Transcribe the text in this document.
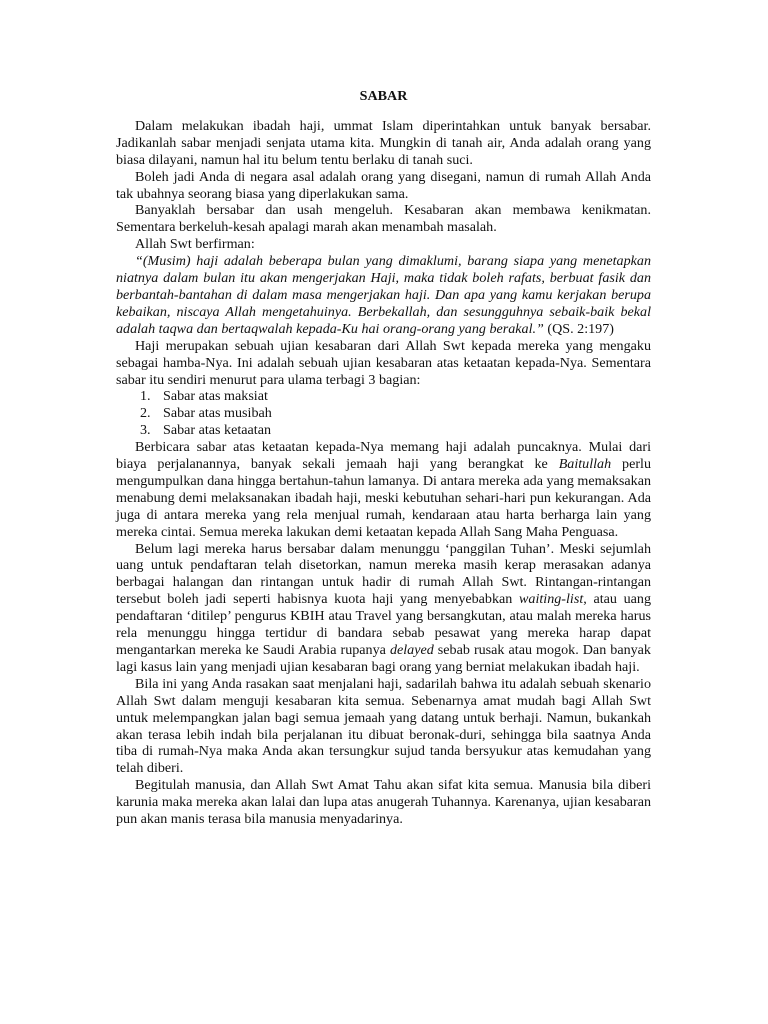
SABAR

Dalam melakukan ibadah haji, ummat Islam diperintahkan untuk banyak bersabar. Jadikanlah sabar menjadi senjata utama kita. Mungkin di tanah air, Anda adalah orang yang biasa dilayani, namun hal itu belum tentu berlaku di tanah suci.

Boleh jadi Anda di negara asal adalah orang yang disegani, namun di rumah Allah Anda tak ubahnya seorang biasa yang diperlakukan sama.

Banyaklah bersabar dan usah mengeluh. Kesabaran akan membawa kenikmatan. Sementara berkeluh-kesah apalagi marah akan menambah masalah.

Allah Swt berfirman:

“(Musim) haji adalah beberapa bulan yang dimaklumi, barang siapa yang menetapkan niatnya dalam bulan itu akan mengerjakan Haji, maka tidak boleh rafats, berbuat fasik dan berbantah-bantahan di dalam masa mengerjakan haji. Dan apa yang kamu kerjakan berupa kebaikan, niscaya Allah mengetahuinya. Berbekallah, dan sesungguhnya sebaik-baik bekal adalah taqwa dan bertaqwalah kepada-Ku hai orang-orang yang berakal.” (QS. 2:197)

Haji merupakan sebuah ujian kesabaran dari Allah Swt kepada mereka yang mengaku sebagai hamba-Nya. Ini adalah sebuah ujian kesabaran atas ketaatan kepada-Nya. Sementara sabar itu sendiri menurut para ulama terbagi 3 bagian:

1. Sabar atas maksiat
2. Sabar atas musibah
3. Sabar atas ketaatan

Berbicara sabar atas ketaatan kepada-Nya memang haji adalah puncaknya. Mulai dari biaya perjalanannya, banyak sekali jemaah haji yang berangkat ke Baitullah perlu mengumpulkan dana hingga bertahun-tahun lamanya. Di antara mereka ada yang memaksakan menabung demi melaksanakan ibadah haji, meski kebutuhan sehari-hari pun kekurangan. Ada juga di antara mereka yang rela menjual rumah, kendaraan atau harta berharga lain yang mereka cintai. Semua mereka lakukan demi ketaatan kepada Allah Sang Maha Penguasa.

Belum lagi mereka harus bersabar dalam menunggu ‘panggilan Tuhan’. Meski sejumlah uang untuk pendaftaran telah disetorkan, namun mereka masih kerap merasakan adanya berbagai halangan dan rintangan untuk hadir di rumah Allah Swt. Rintangan-rintangan tersebut boleh jadi seperti habisnya kuota haji yang menyebabkan waiting-list, atau uang pendaftaran ‘ditilep’ pengurus KBIH atau Travel yang bersangkutan, atau malah mereka harus rela menunggu hingga tertidur di bandara sebab pesawat yang mereka harap dapat mengantarkan mereka ke Saudi Arabia rupanya delayed sebab rusak atau mogok. Dan banyak lagi kasus lain yang menjadi ujian kesabaran bagi orang yang berniat melakukan ibadah haji.

Bila ini yang Anda rasakan saat menjalani haji, sadarilah bahwa itu adalah sebuah skenario Allah Swt dalam menguji kesabaran kita semua. Sebenarnya amat mudah bagi Allah Swt untuk melempangkan jalan bagi semua jemaah yang datang untuk berhaji. Namun, bukankah akan terasa lebih indah bila perjalanan itu dibuat beronak-duri, sehingga bila saatnya Anda tiba di rumah-Nya maka Anda akan tersungkur sujud tanda bersyukur atas kemudahan yang telah diberi.

Begitulah manusia, dan Allah Swt Amat Tahu akan sifat kita semua. Manusia bila diberi karunia maka mereka akan lalai dan lupa atas anugerah Tuhannya. Karenanya, ujian kesabaran pun akan manis terasa bila manusia menyadarinya.
